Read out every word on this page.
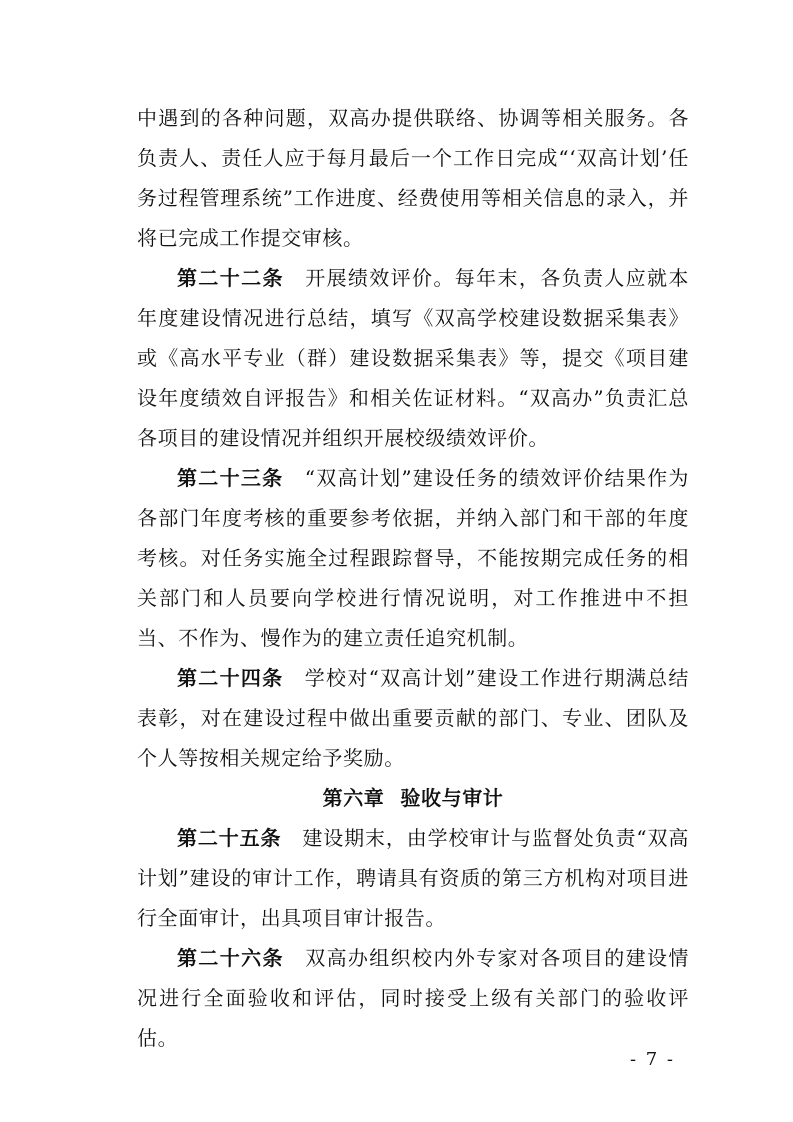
中遇到的各种问题，双高办提供联络、协调等相关服务。各负责人、责任人应于每月最后一个工作日完成“‘双高计划’任务过程管理系统”工作进度、经费使用等相关信息的录入，并将已完成工作提交审核。

第二十二条　 开展绩效评价。每年末，各负责人应就本年度建设情况进行总结，填写《双高学校建设数据采集表》或《高水平专业（群）建设数据采集表》等，提交《项目建设年度绩效自评报告》和相关佐证材料。“双高办”负责汇总各项目的建设情况并组织开展校级绩效评价。

第二十三条　 “双高计划”建设任务的绩效评价结果作为各部门年度考核的重要参考依据，并纳入部门和干部的年度考核。对任务实施全过程跟踪督导，不能按期完成任务的相关部门和人员要向学校进行情况说明，对工作推进中不担当、不作为、慢作为的建立责任追究机制。

第二十四条　 学校对“双高计划”建设工作进行期满总结表彰，对在建设过程中做出重要贡献的部门、专业、团队及个人等按相关规定给予奖励。

第六章 验收与审计

第二十五条　 建设期末，由学校审计与监督处负责“双高计划”建设的审计工作，聘请具有资质的第三方机构对项目进行全面审计，出具项目审计报告。

第二十六条　 双高办组织校内外专家对各项目的建设情况进行全面验收和评估，同时接受上级有关部门的验收评估。

- 7 -
